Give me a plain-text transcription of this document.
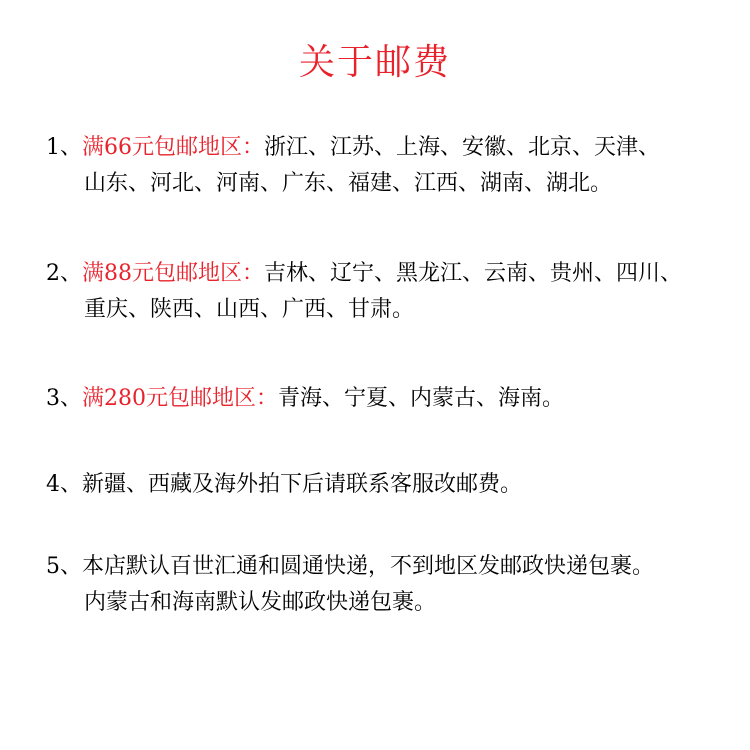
关于邮费
1、满66元包邮地区：浙江、江苏、上海、安徽、北京、天津、
山东、河北、河南、广东、福建、江西、湖南、湖北。
2、满88元包邮地区：吉林、辽宁、黑龙江、云南、贵州、四川、
重庆、陕西、山西、广西、甘肃。
3、满280元包邮地区：青海、宁夏、内蒙古、海南。
4、新疆、西藏及海外拍下后请联系客服改邮费。
5、本店默认百世汇通和圆通快递，不到地区发邮政快递包裹。
内蒙古和海南默认发邮政快递包裹。
